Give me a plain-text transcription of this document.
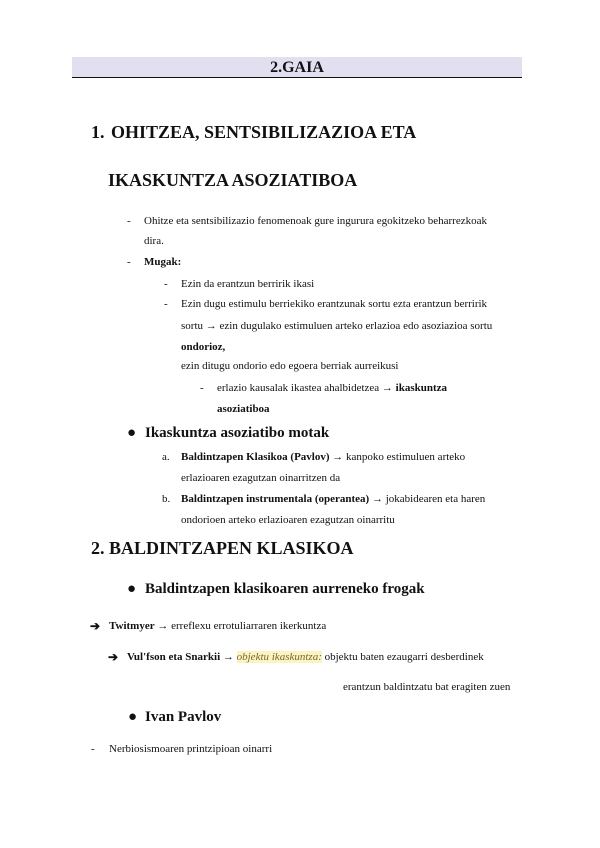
2.GAIA
1. OHITZEA, SENTSIBILIZAZIOA ETA
IKASKUNTZA ASOZIATIBOA
- Ohitze eta sentsibilizazio fenomenoak gure ingurura egokitzeko beharrezkoak
dira.
- Mugak:
- Ezin da erantzun berririk ikasi
- Ezin dugu estimulu berriekiko erantzunak sortu ezta erantzun berririk
sortu → ezin dugulako estimuluen arteko erlazioa edo asoziazioa sortu
ondorioz,
ezin ditugu ondorio edo egoera berriak aurreikusi
- erlazio kausalak ikastea ahalbidetzea → ikaskuntza
asoziatiboa
● Ikaskuntza asoziatibo motak
a. Baldintzapen Klasikoa (Pavlov) → kanpoko estimuluen arteko
erlazioaren ezagutzan oinarritzen da
b. Baldintzapen instrumentala (operantea) → jokabidearen eta haren
ondorioen arteko erlazioaren ezagutzan oinarritu
2. BALDINTZAPEN KLASIKOA
● Baldintzapen klasikoaren aurreneko frogak
➔ Twitmyer → erreflexu errotuliarraren ikerkuntza
➔ Vul'fson eta Snarkii → objektu ikaskuntza: objektu baten ezaugarri desberdinek
erantzun baldintzatu bat eragiten zuen
● Ivan Pavlov
- Nerbiosismoaren printzipioan oinarri
